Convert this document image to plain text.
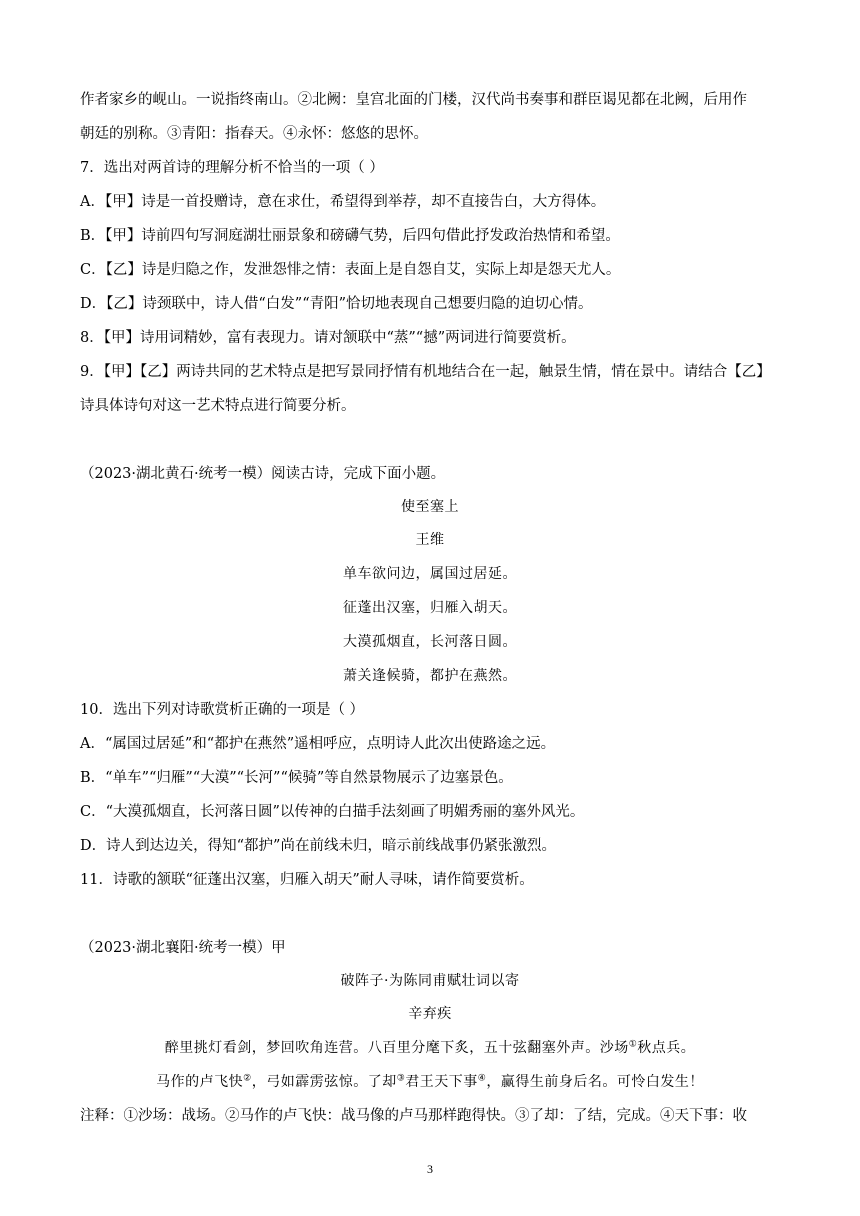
作者家乡的岘山。一说指终南山。②北阙：皇宫北面的门楼，汉代尚书奏事和群臣谒见都在北阙，后用作
朝廷的别称。③青阳：指春天。④永怀：悠悠的思怀。
7．选出对两首诗的理解分析不恰当的一项（ ）
A．【甲】诗是一首投赠诗，意在求仕，希望得到举荐，却不直接告白，大方得体。
B．【甲】诗前四句写洞庭湖壮丽景象和磅礴气势，后四句借此抒发政治热情和希望。
C．【乙】诗是归隐之作，发泄怨悱之情：表面上是自怨自艾，实际上却是怨天尤人。
D．【乙】诗颈联中，诗人借“白发”“青阳”恰切地表现自己想要归隐的迫切心情。
8．【甲】诗用词精妙，富有表现力。请对颔联中“蒸”“撼”两词进行简要赏析。
9．【甲】【乙】两诗共同的艺术特点是把写景同抒情有机地结合在一起，触景生情，情在景中。请结合【乙】
诗具体诗句对这一艺术特点进行简要分析。
（2023·湖北黄石·统考一模）阅读古诗，完成下面小题。
使至塞上
王维
单车欲问边，属国过居延。
征蓬出汉塞，归雁入胡天。
大漠孤烟直，长河落日圆。
萧关逢候骑，都护在燕然。
10．选出下列对诗歌赏析正确的一项是（ ）
A．“属国过居延”和“都护在燕然”遥相呼应，点明诗人此次出使路途之远。
B．“单车”“归雁”“大漠”“长河”“候骑”等自然景物展示了边塞景色。
C．“大漠孤烟直，长河落日圆”以传神的白描手法刻画了明媚秀丽的塞外风光。
D．诗人到达边关，得知“都护”尚在前线未归，暗示前线战事仍紧张激烈。
11．诗歌的颔联“征蓬出汉塞，归雁入胡天”耐人寻味，请作简要赏析。
（2023·湖北襄阳·统考一模）甲
破阵子·为陈同甫赋壮词以寄
辛弃疾
醉里挑灯看剑，梦回吹角连营。八百里分麾下炙，五十弦翻塞外声。沙场①秋点兵。
马作的卢飞快②，弓如霹雳弦惊。了却③君王天下事④，赢得生前身后名。可怜白发生！
注释：①沙场：战场。②马作的卢飞快：战马像的卢马那样跑得快。③了却：了结，完成。④天下事：收
3
